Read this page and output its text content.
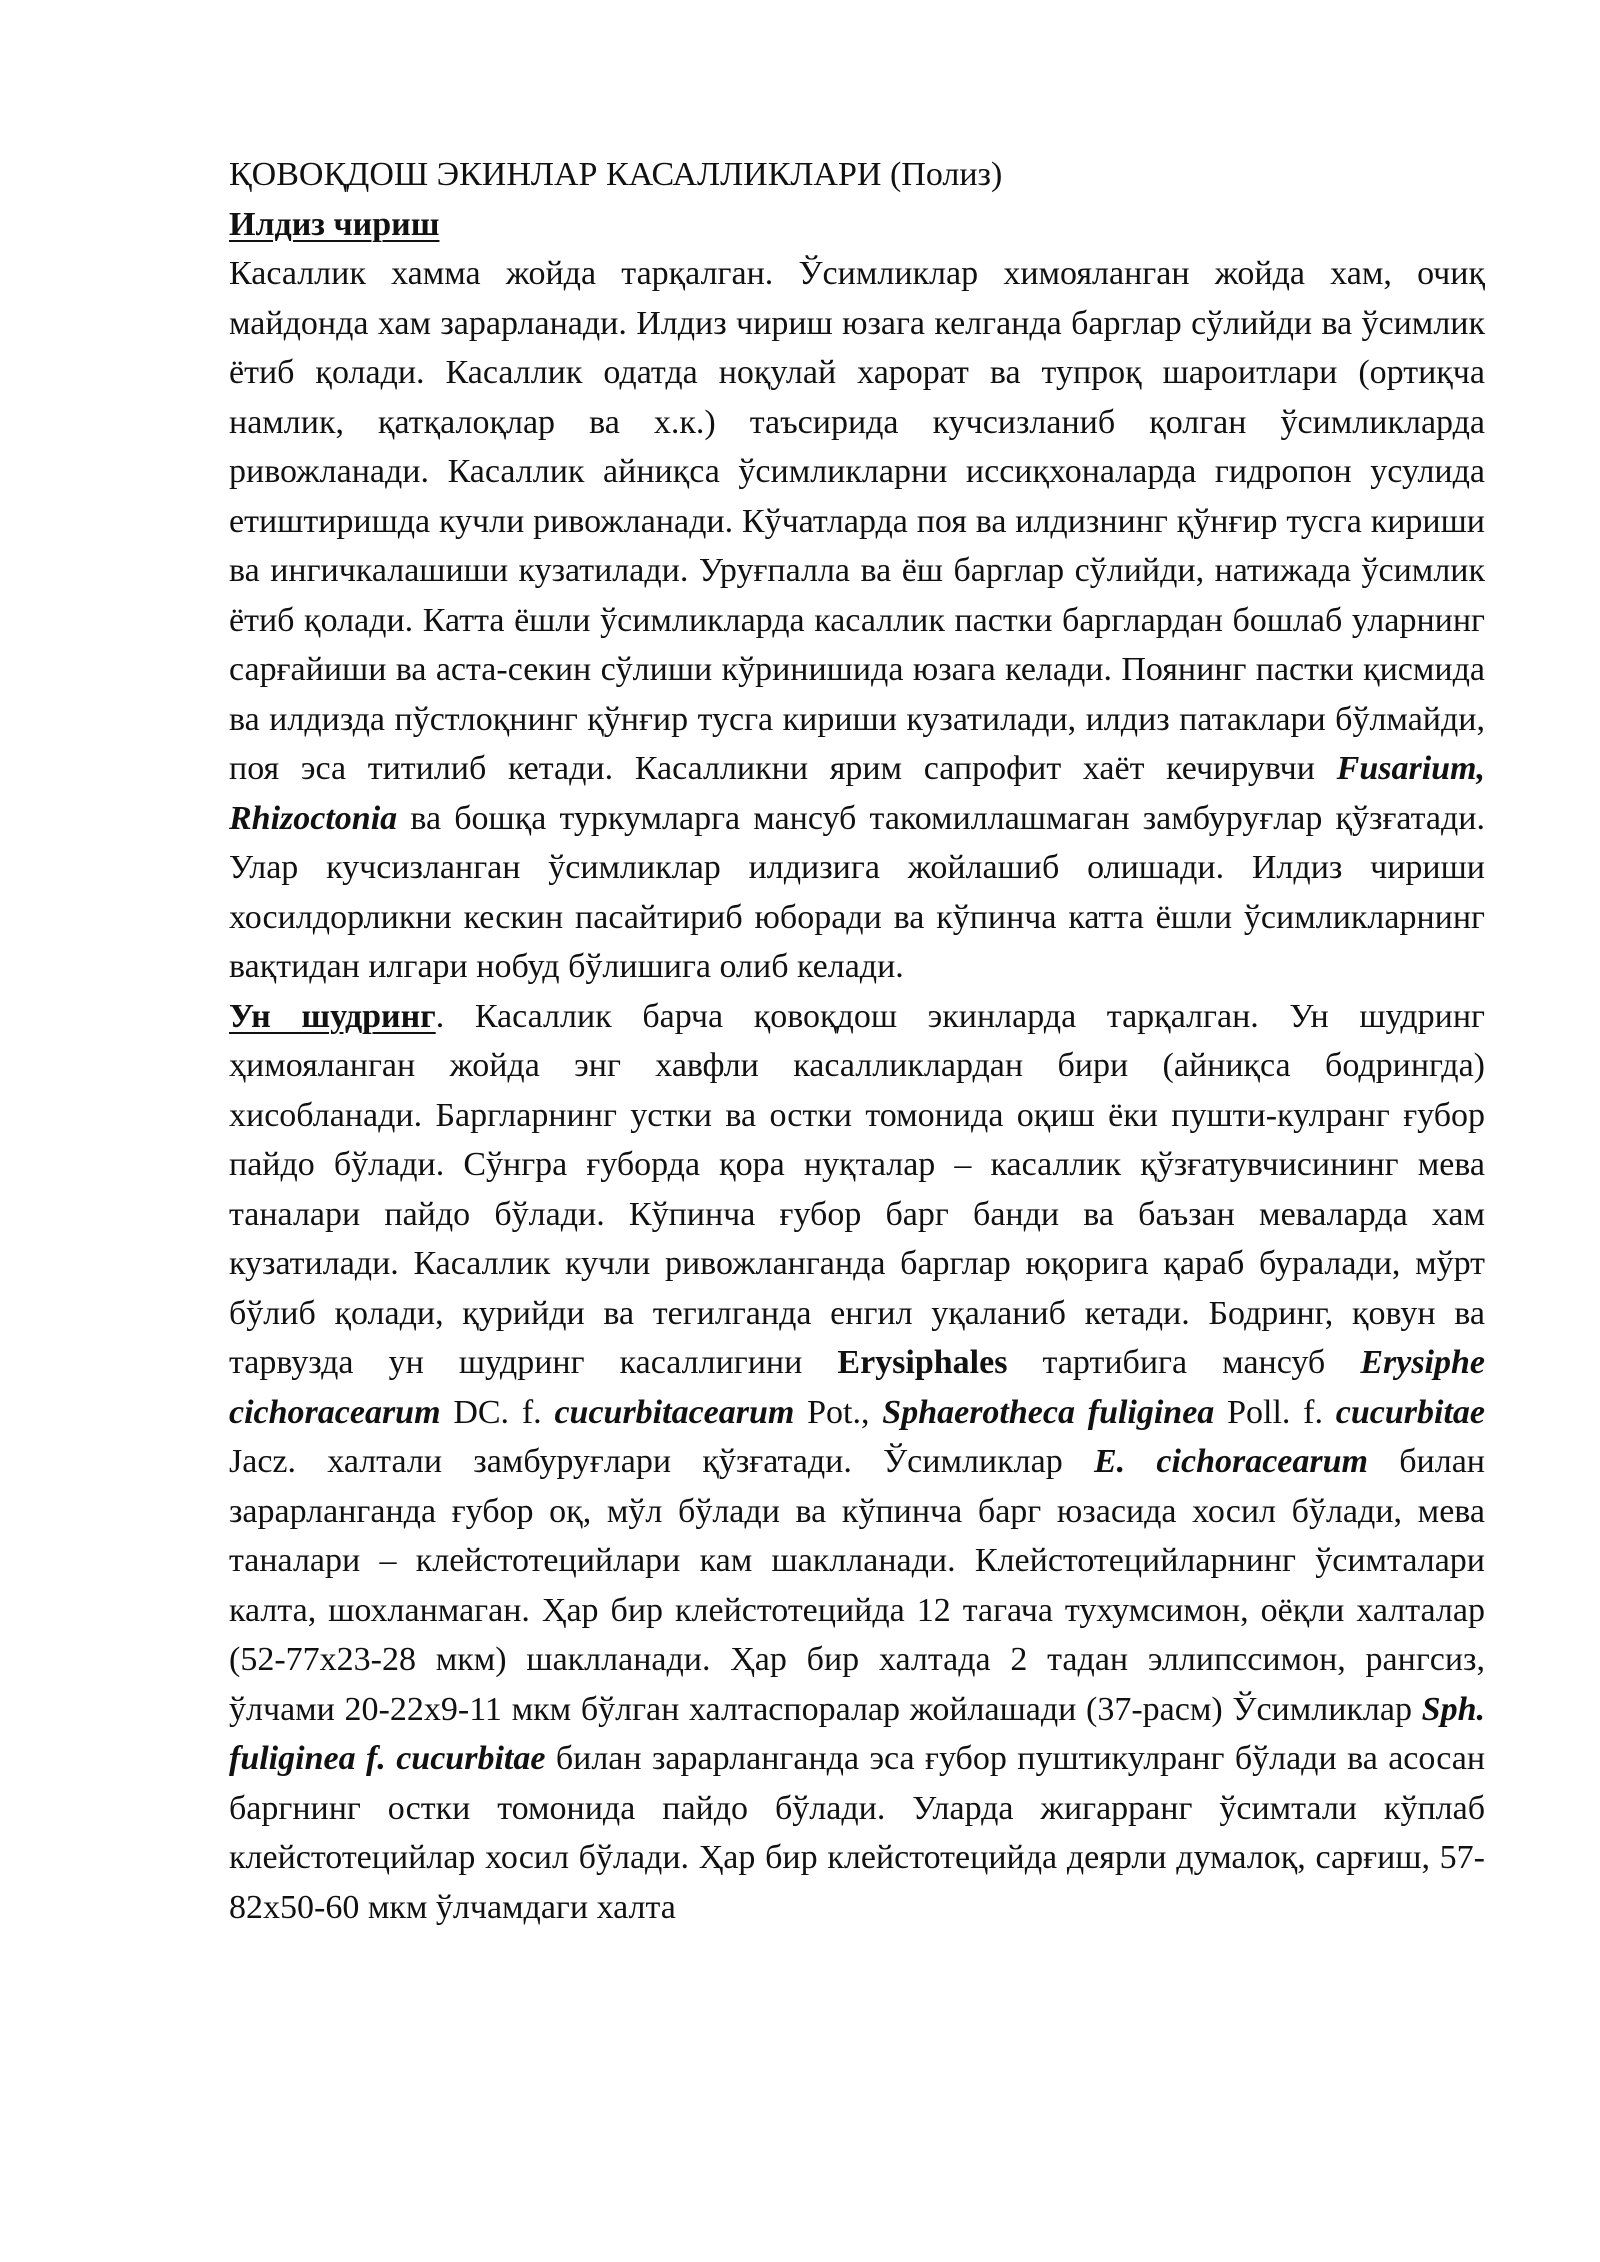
ҚОВОҚДОШ ЭКИНЛАР КАСАЛЛИКЛАРИ (Полиз)

Илдиз чириш

Касаллик хамма жойда тарқалган. Ўсимликлар химояланган жойда хам, очиқ майдонда хам зарарланади. Илдиз чириш юзага келганда барглар сўлийди ва ўсимлик ётиб қолади. Касаллик одатда ноқулай харорат ва тупроқ шароитлари (ортиқча намлик, қатқалоқлар ва х.к.) таъсирида кучсизланиб қолган ўсимликларда ривожланади. Касаллик айниқса ўсимликларни иссиқхоналарда гидропон усулида етиштиришда кучли ривожланади. Кўчатларда поя ва илдизнинг қўнғир тусга кириши ва ингичкалашиши кузатилади. Уруғпалла ва ёш барглар сўлийди, натижада ўсимлик ётиб қолади. Катта ёшли ўсимликларда касаллик пастки барглардан бошлаб уларнинг сарғайиши ва аста-секин сўлиши кўринишида юзага келади. Поянинг пастки қисмида ва илдизда пўстлоқнинг қўнғир тусга кириши кузатилади, илдиз патаклари бўлмайди, поя эса титилиб кетади. Касалликни ярим сапрофит хаёт кечирувчи Fusarium, Rhizoctonia ва бошқа туркумларга мансуб такомиллашмаган замбуруғлар қўзғатади. Улар кучсизланган ўсимликлар илдизига жойлашиб олишади. Илдиз чириши хосилдорликни кескин пасайтириб юборади ва кўпинча катта ёшли ўсимликларнинг вақтидан илгари нобуд бўлишига олиб келади.

Ун шудринг. Касаллик барча қовоқдош экинларда тарқалган. Ун шудринг ҳимояланган жойда энг хавфли касалликлардан бири (айниқса бодрингда) хисобланади. Баргларнинг устки ва остки томонида оқиш ёки пушти-кулранг ғубор пайдо бўлади. Сўнгра ғуборда қора нуқталар – касаллик қўзғатувчисининг мева таналари пайдо бўлади. Кўпинча ғубор барг банди ва баъзан меваларда хам кузатилади. Касаллик кучли ривожланганда барглар юқорига қараб буралади, мўрт бўлиб қолади, қурийди ва тегилганда енгил уқаланиб кетади. Бодринг, қовун ва тарвузда ун шудринг касаллигини Erysiphales тартибига мансуб Erysiphe cichoracearum DC. f. cucurbitacearum Pot., Sphaerotheca fuliginea Poll. f. cucurbitae Jacz. халтали замбуруғлари қўзғатади. Ўсимликлар E. cichoracearum билан зарарланганда ғубор оқ, мўл бўлади ва кўпинча барг юзасида хосил бўлади, мева таналари – клейстотецийлари кам шаклланади. Клейстотецийларнинг ўсимталари калта, шохланмаган. Ҳар бир клейстотецийда 12 тагача тухумсимон, оёқли халталар (52-77x23-28 мкм) шаклланади. Ҳар бир халтада 2 тадан эллипссимон, рангсиз, ўлчами 20-22x9-11 мкм бўлган халтаспоралар жойлашади (37-расм) Ўсимликлар Sph. fuliginea f. cucurbitae билан зарарланганда эса ғубор пуштикулранг бўлади ва асосан баргнинг остки томонида пайдо бўлади. Уларда жигарранг ўсимтали кўплаб клейстотецийлар хосил бўлади. Ҳар бир клейстотецийда деярли думалоқ, сарғиш, 57-82x50-60 мкм ўлчамдаги халта
